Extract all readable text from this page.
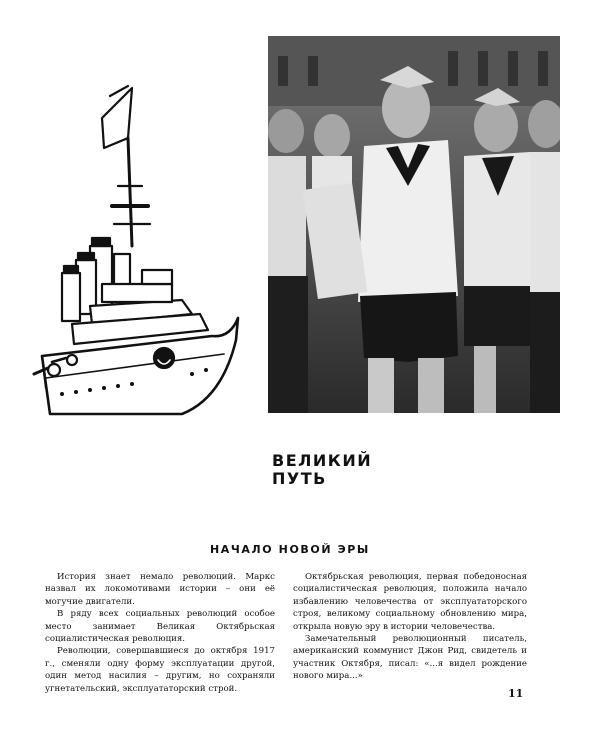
ВЕЛИКИЙ
ПУТЬ
НАЧАЛО НОВОЙ ЭРЫ

История знает немало революций. Маркс назвал их локомотивами истории – они её могучие двигатели.

В ряду всех социальных революций особое место занимает Великая Октябрьская социалистическая революция.

Революции, совершавшиеся до октября 1917 г., сменяли одну форму эксплуатации другой, один метод насилия – другим, но сохраняли угнетательский, эксплуататорский строй.

Октябрьская революция, первая победоносная социалистическая революция, положила начало избавлению человечества от эксплуататорского строя, великому социальному обновлению мира, открыла новую эру в истории человечества.

Замечательный революционный писатель, американский коммунист Джон Рид, свидетель и участник Октября, писал: «...я видел рождение нового мира...»

11
